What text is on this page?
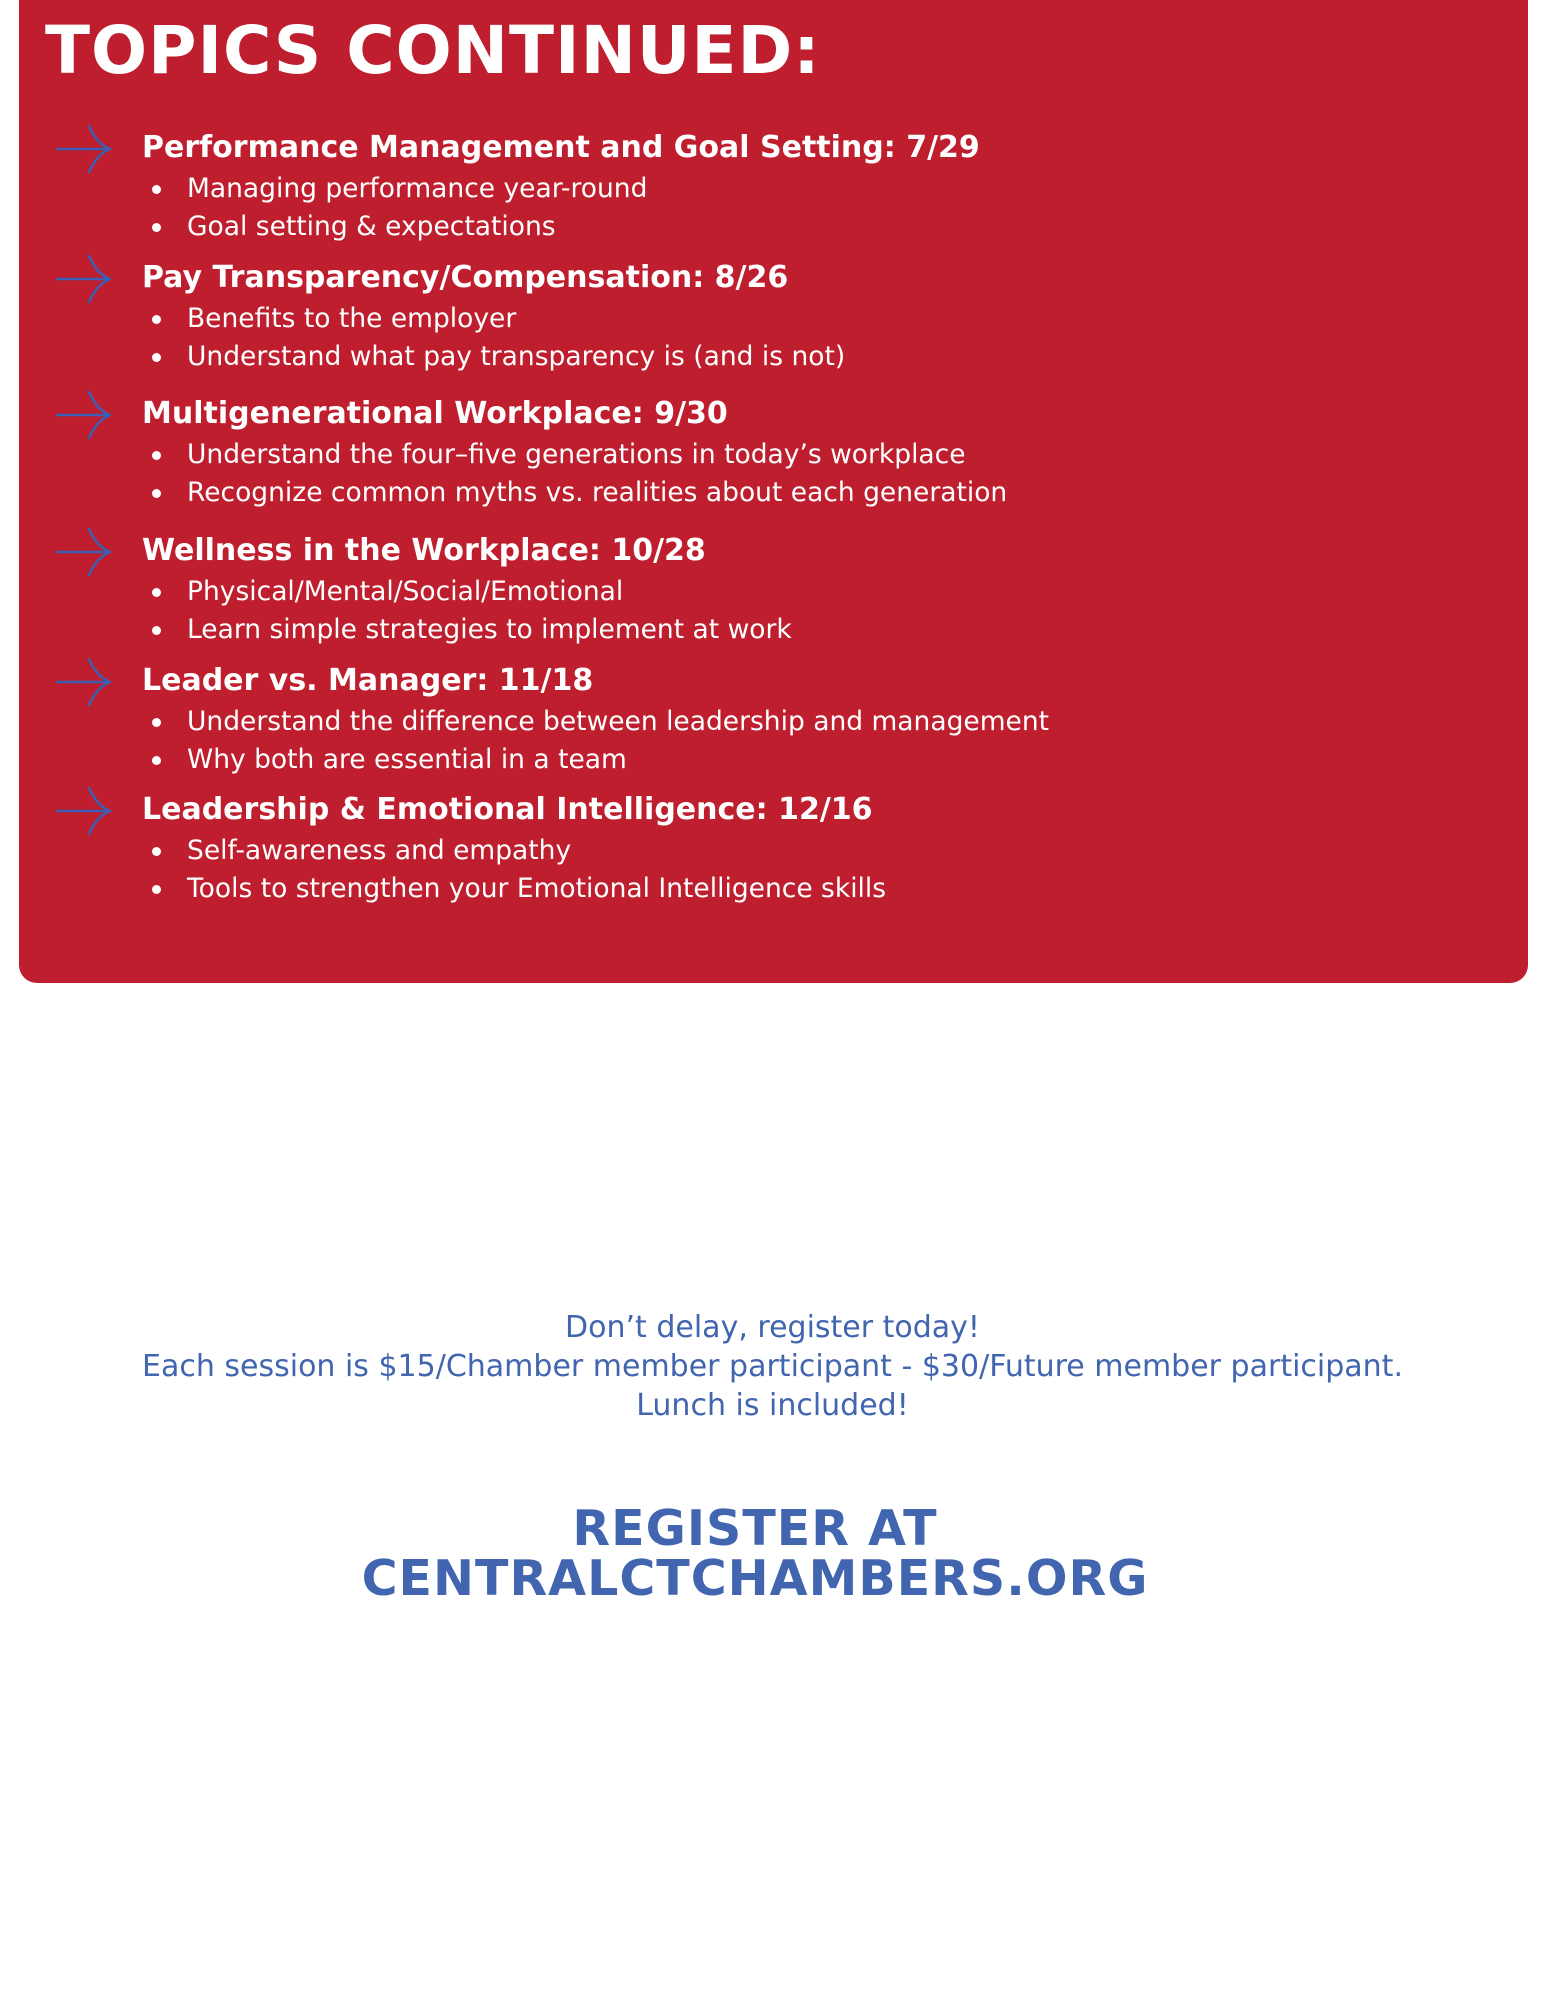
TOPICS CONTINUED:
Performance Management and Goal Setting: 7/29
Managing performance year-round
Goal setting & expectations
Pay Transparency/Compensation: 8/26
Benefits to the employer
Understand what pay transparency is (and is not)
Multigenerational Workplace: 9/30
Understand the four–five generations in today’s workplace
Recognize common myths vs. realities about each generation
Wellness in the Workplace: 10/28
Physical/Mental/Social/Emotional
Learn simple strategies to implement at work
Leader vs. Manager: 11/18
Understand the difference between leadership and management
Why both are essential in a team
Leadership & Emotional Intelligence: 12/16
Self-awareness and empathy
Tools to strengthen your Emotional Intelligence skills
Don’t delay, register today!
Each session is $15/Chamber member participant - $30/Future member participant.
Lunch is included!
REGISTER AT
CENTRALCTCHAMBERS.ORG
